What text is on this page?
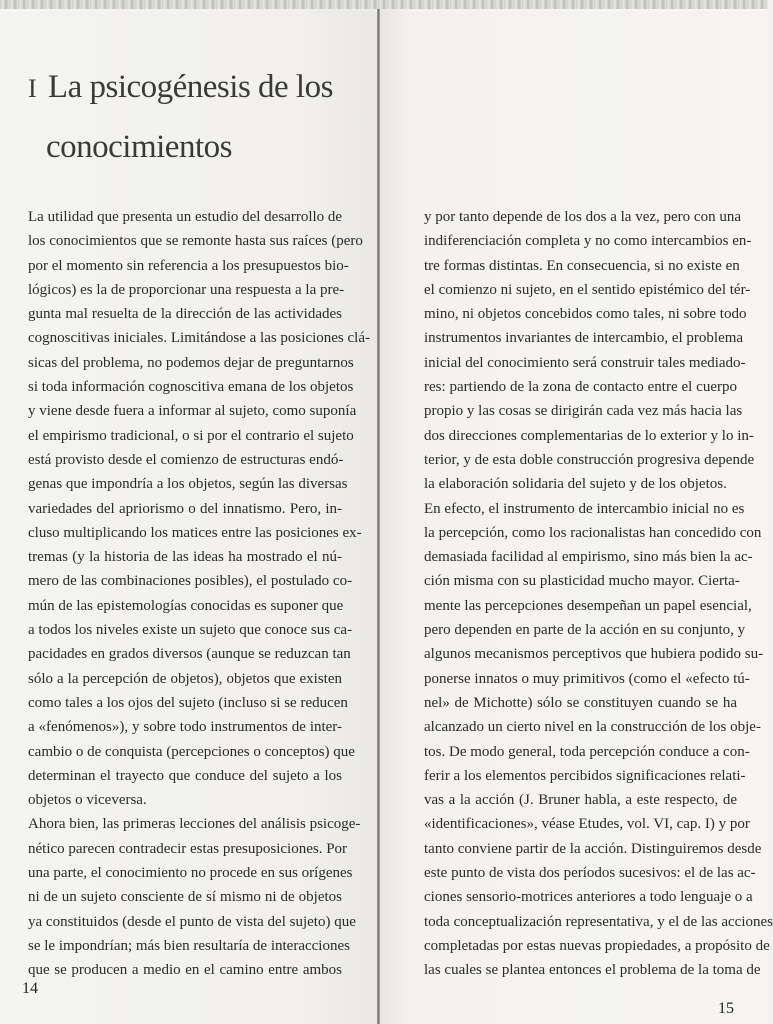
I La psicogénesis de los
conocimientos
La utilidad que presenta un estudio del desarrollo de
los conocimientos que se remonte hasta sus raíces (pero
por el momento sin referencia a los presupuestos bio-
lógicos) es la de proporcionar una respuesta a la pre-
gunta mal resuelta de la dirección de las actividades
cognoscitivas iniciales. Limitándose a las posiciones clá-
sicas del problema, no podemos dejar de preguntarnos
si toda información cognoscitiva emana de los objetos
y viene desde fuera a informar al sujeto, como suponía
el empirismo tradicional, o si por el contrario el sujeto
está provisto desde el comienzo de estructuras endó-
genas que impondría a los objetos, según las diversas
variedades del apriorismo o del innatismo. Pero, in-
cluso multiplicando los matices entre las posiciones ex-
tremas (y la historia de las ideas ha mostrado el nú-
mero de las combinaciones posibles), el postulado co-
mún de las epistemologías conocidas es suponer que
a todos los niveles existe un sujeto que conoce sus ca-
pacidades en grados diversos (aunque se reduzcan tan
sólo a la percepción de objetos), objetos que existen
como tales a los ojos del sujeto (incluso si se reducen
a «fenómenos»), y sobre todo instrumentos de inter-
cambio o de conquista (percepciones o conceptos) que
determinan el trayecto que conduce del sujeto a los
objetos o viceversa.
Ahora bien, las primeras lecciones del análisis psicoge-
nético parecen contradecir estas presuposiciones. Por
una parte, el conocimiento no procede en sus orígenes
ni de un sujeto consciente de sí mismo ni de objetos
ya constituidos (desde el punto de vista del sujeto) que
se le impondrían; más bien resultaría de interacciones
que se producen a medio en el camino entre ambos
y por tanto depende de los dos a la vez, pero con una
indiferenciación completa y no como intercambios en-
tre formas distintas. En consecuencia, si no existe en
el comienzo ni sujeto, en el sentido epistémico del tér-
mino, ni objetos concebidos como tales, ni sobre todo
instrumentos invariantes de intercambio, el problema
inicial del conocimiento será construir tales mediado-
res: partiendo de la zona de contacto entre el cuerpo
propio y las cosas se dirigirán cada vez más hacia las
dos direcciones complementarias de lo exterior y lo in-
terior, y de esta doble construcción progresiva depende
la elaboración solidaria del sujeto y de los objetos.
En efecto, el instrumento de intercambio inicial no es
la percepción, como los racionalistas han concedido con
demasiada facilidad al empirismo, sino más bien la ac-
ción misma con su plasticidad mucho mayor. Cierta-
mente las percepciones desempeñan un papel esencial,
pero dependen en parte de la acción en su conjunto, y
algunos mecanismos perceptivos que hubiera podido su-
ponerse innatos o muy primitivos (como el «efecto tú-
nel» de Michotte) sólo se constituyen cuando se ha
alcanzado un cierto nivel en la construcción de los obje-
tos. De modo general, toda percepción conduce a con-
ferir a los elementos percibidos significaciones relati-
vas a la acción (J. Bruner habla, a este respecto, de
«identificaciones», véase Etudes, vol. VI, cap. I) y por
tanto conviene partir de la acción. Distinguiremos desde
este punto de vista dos períodos sucesivos: el de las ac-
ciones sensorio-motrices anteriores a todo lenguaje o a
toda conceptualización representativa, y el de las acciones
completadas por estas nuevas propiedades, a propósito de
las cuales se plantea entonces el problema de la toma de
14
15
